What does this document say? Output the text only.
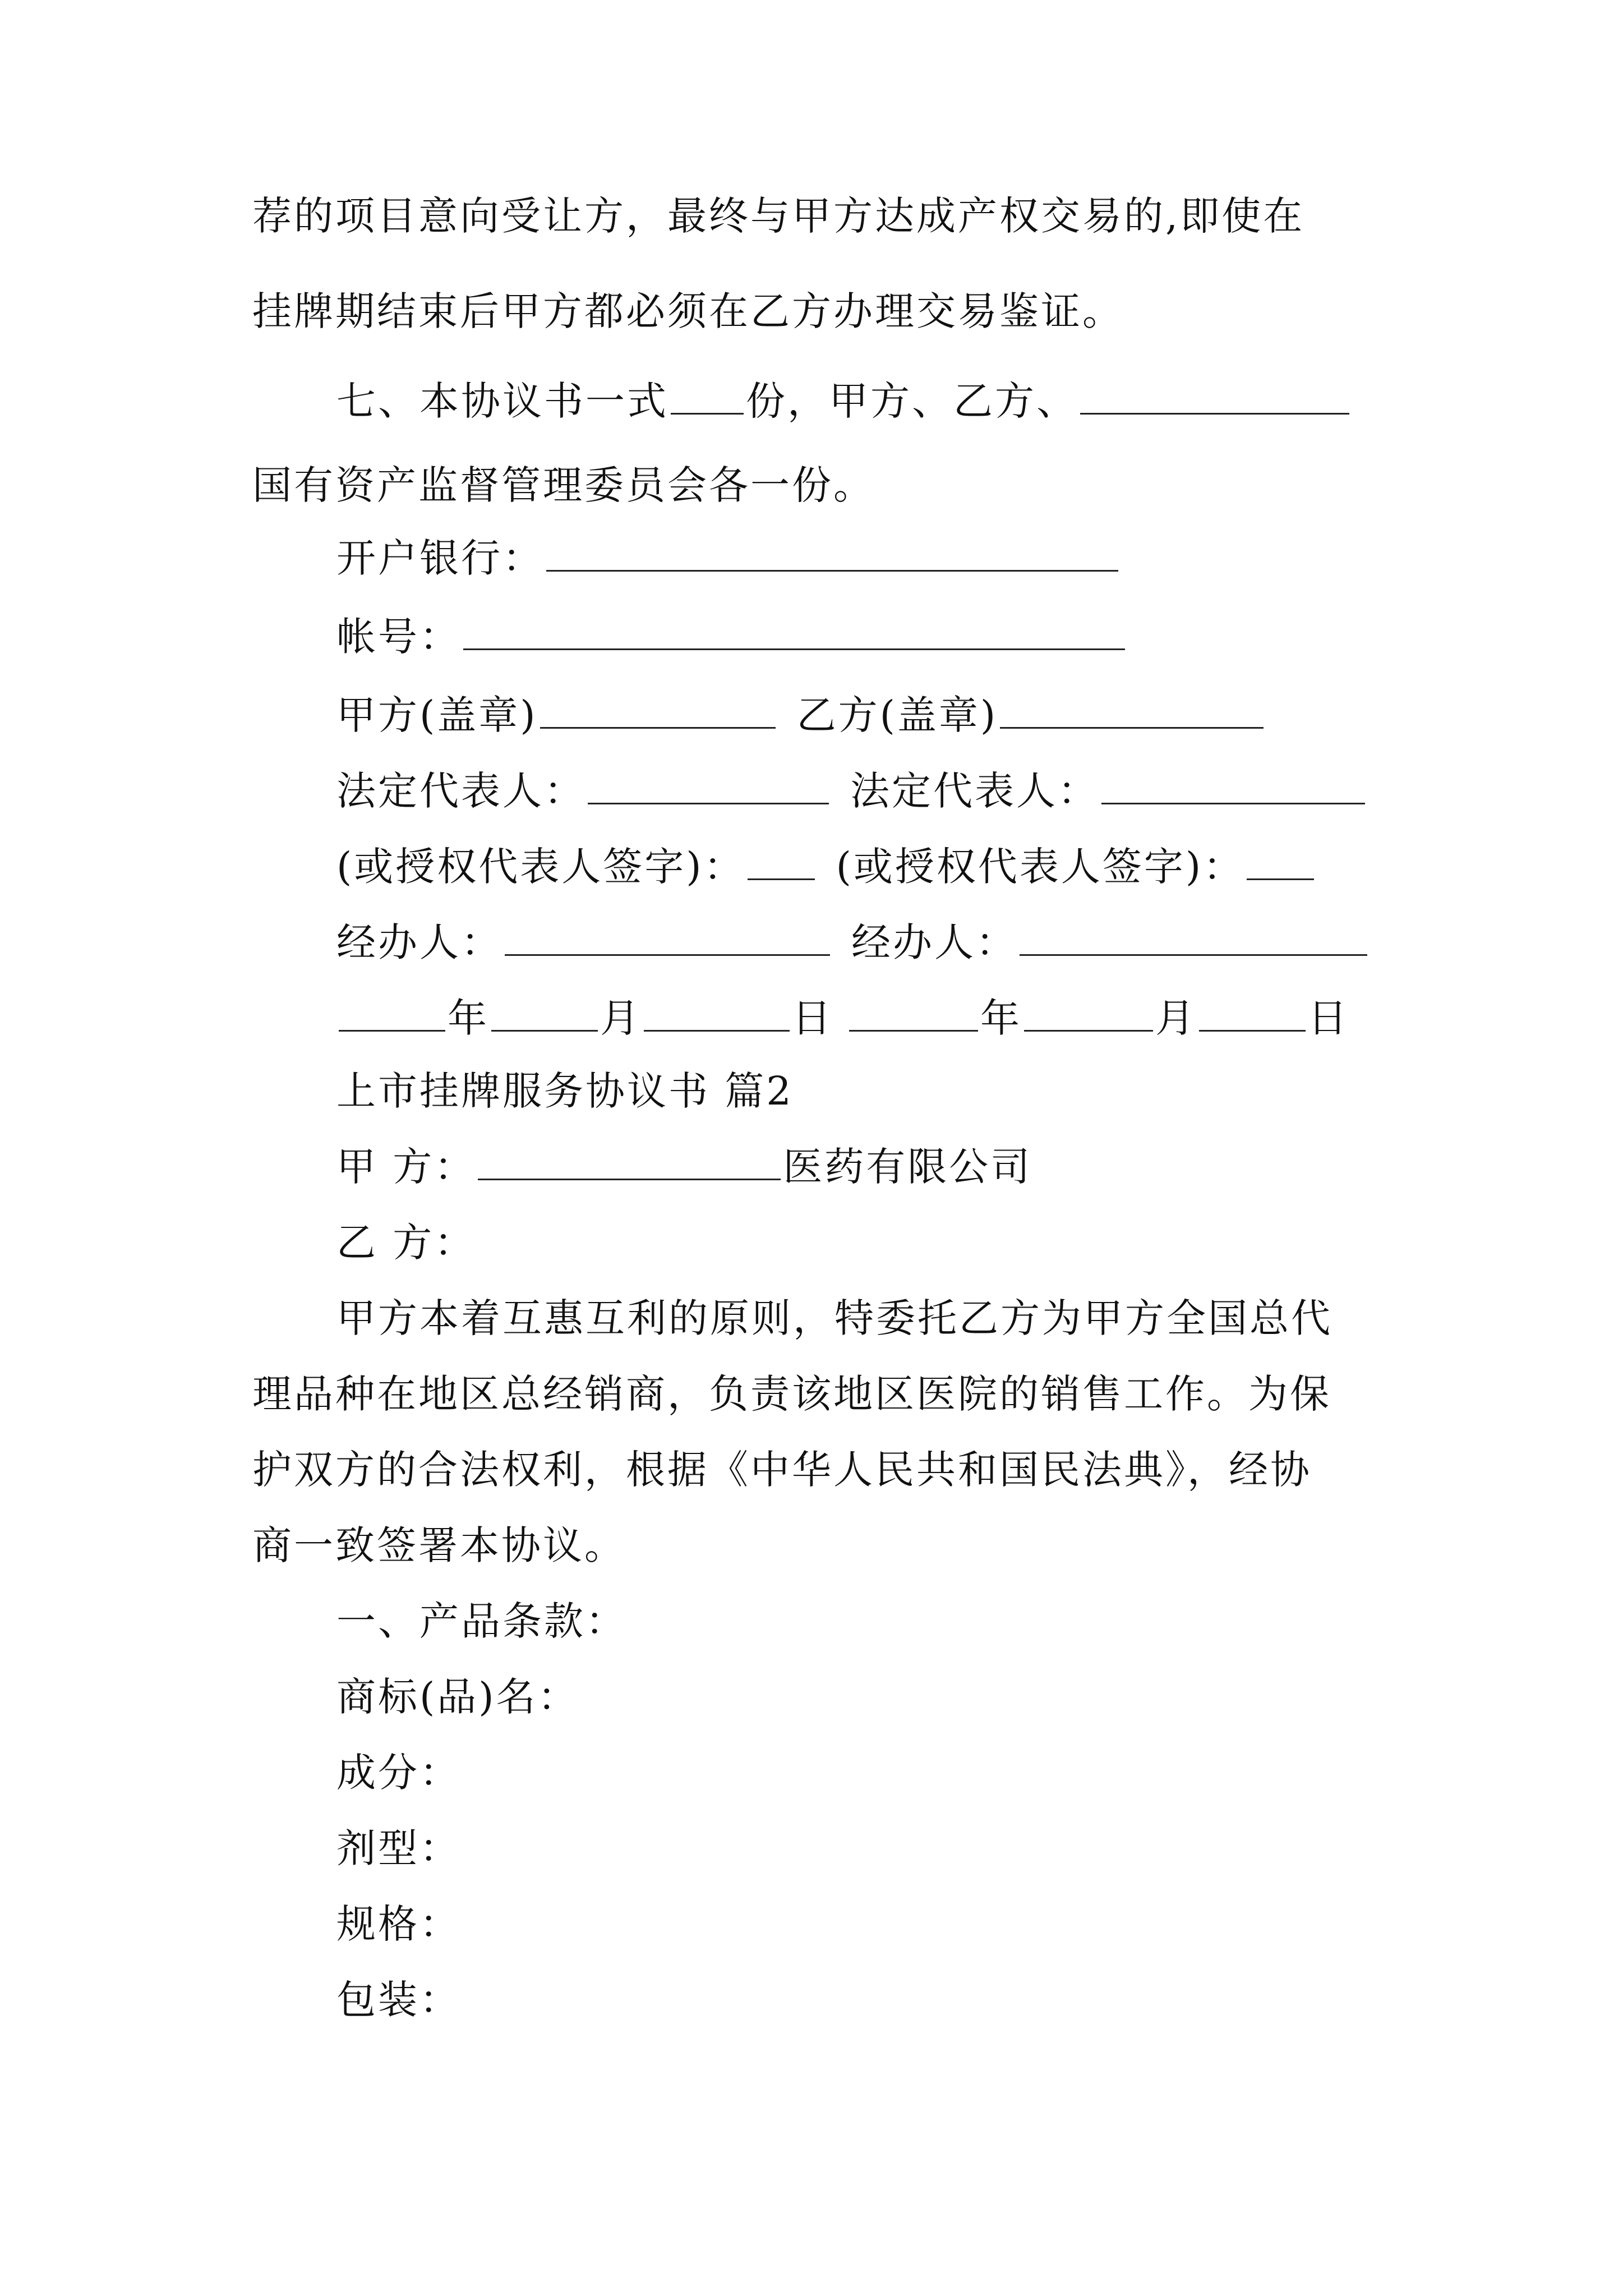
荐的项目意向受让方，最终与甲方达成产权交易的,即使在
挂牌期结束后甲方都必须在乙方办理交易鉴证。
七、本协议书一式 份，甲方、乙方、
国有资产监督管理委员会各一份。
开户银行：
帐号：
甲方(盖章)	乙方(盖章)
法定代表人：	法定代表人：
(或授权代表人签字)： (或授权代表人签字)：
经办人：	经办人：
年	月	日	年	月	日
上市挂牌服务协议书 篇2
甲 方：	医药有限公司
乙 方：
甲方本着互惠互利的原则，特委托乙方为甲方全国总代
理品种在地区总经销商，负责该地区医院的销售工作。为保
护双方的合法权利，根据《中华人民共和国民法典》，经协
商一致签署本协议。
一、产品条款：
商标(品)名：
成分：
剂型：
规格：
包装：
